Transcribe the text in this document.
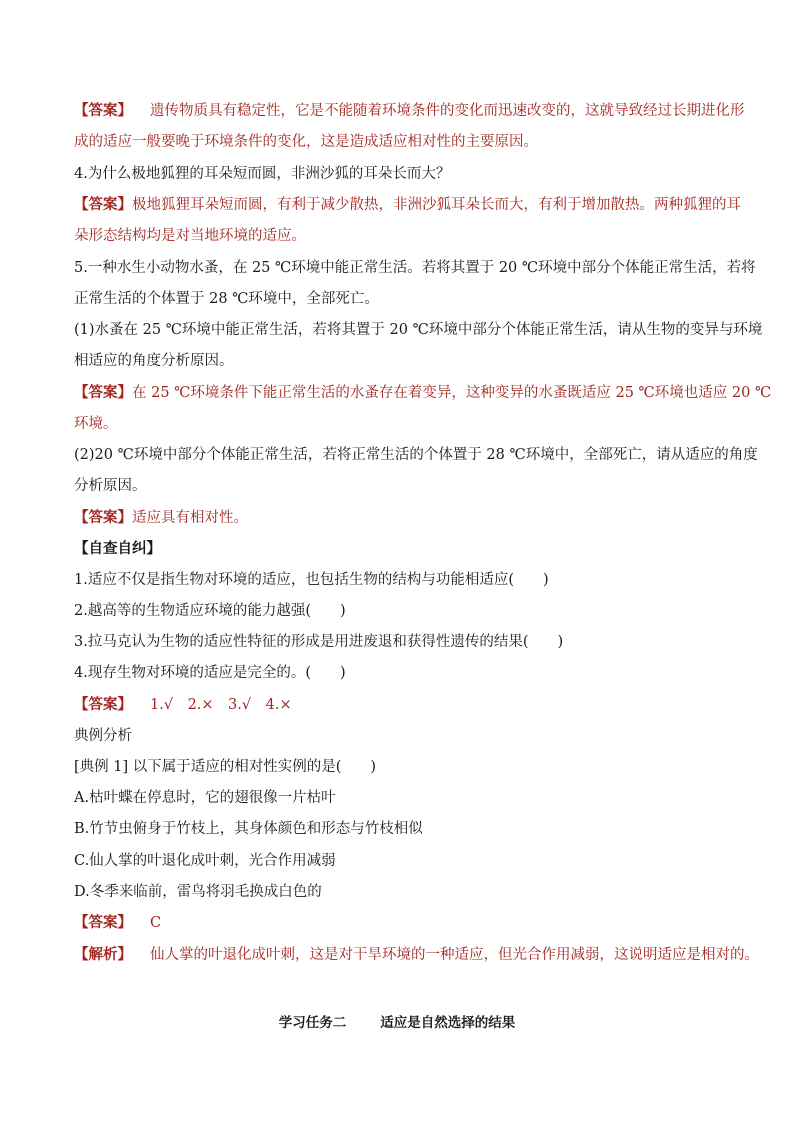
【答案】 遗传物质具有稳定性，它是不能随着环境条件的变化而迅速改变的，这就导致经过长期进化形
成的适应一般要晚于环境条件的变化，这是造成适应相对性的主要原因。
4.为什么极地狐狸的耳朵短而圆，非洲沙狐的耳朵长而大？
【答案】极地狐狸耳朵短而圆，有利于减少散热，非洲沙狐耳朵长而大，有利于增加散热。两种狐狸的耳
朵形态结构均是对当地环境的适应。
5.一种水生小动物水蚤，在 25 ℃环境中能正常生活。若将其置于 20 ℃环境中部分个体能正常生活，若将
正常生活的个体置于 28 ℃环境中，全部死亡。
(1)水蚤在 25 ℃环境中能正常生活，若将其置于 20 ℃环境中部分个体能正常生活，请从生物的变异与环境
相适应的角度分析原因。
【答案】在 25 ℃环境条件下能正常生活的水蚤存在着变异，这种变异的水蚤既适应 25 ℃环境也适应 20 ℃
环境。
(2)20 ℃环境中部分个体能正常生活，若将正常生活的个体置于 28 ℃环境中，全部死亡，请从适应的角度
分析原因。
【答案】适应具有相对性。
【自查自纠】
1.适应不仅是指生物对环境的适应，也包括生物的结构与功能相适应(　　)
2.越高等的生物适应环境的能力越强(　　)
3.拉马克认为生物的适应性特征的形成是用进废退和获得性遗传的结果(　　)
4.现存生物对环境的适应是完全的。(　　)
【答案】 1.√　2.×　3.√　4.×
典例分析
[典例 1] 以下属于适应的相对性实例的是(　　)
A.枯叶蝶在停息时，它的翅很像一片枯叶
B.竹节虫俯身于竹枝上，其身体颜色和形态与竹枝相似
C.仙人掌的叶退化成叶刺，光合作用减弱
D.冬季来临前，雷鸟将羽毛换成白色的
【答案】 C
【解析】 仙人掌的叶退化成叶刺，这是对干旱环境的一种适应，但光合作用减弱，这说明适应是相对的。
学习任务二	适应是自然选择的结果
